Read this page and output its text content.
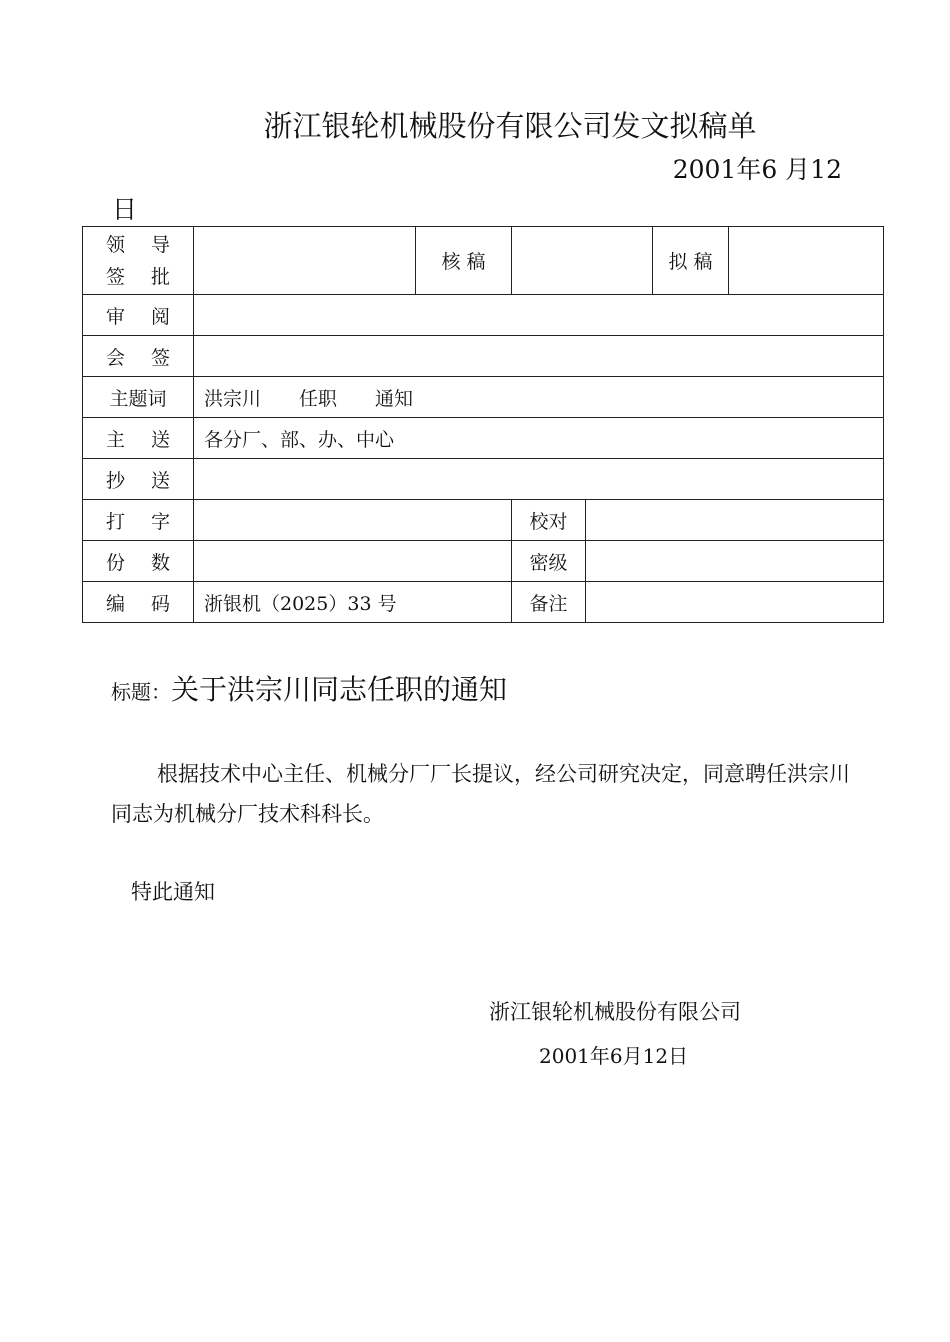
浙江银轮机械股份有限公司发文拟稿单
2001年6 月12
日
领 导
签 批		核 稿			拟 稿	
审 阅						
会 签						
主题词	洪宗川　　任职　　通知					
主 送	各分厂、部、办、中心					
抄 送						
打 字			校对			
份 数			密级			
编 码	浙银机（2025）33 号		备注			
标题：关于洪宗川同志任职的通知
根据技术中心主任、机械分厂厂长提议，经公司研究决定，同意聘任洪宗川同志为机械分厂技术科科长。
特此通知
浙江银轮机械股份有限公司
2001年6月12日
